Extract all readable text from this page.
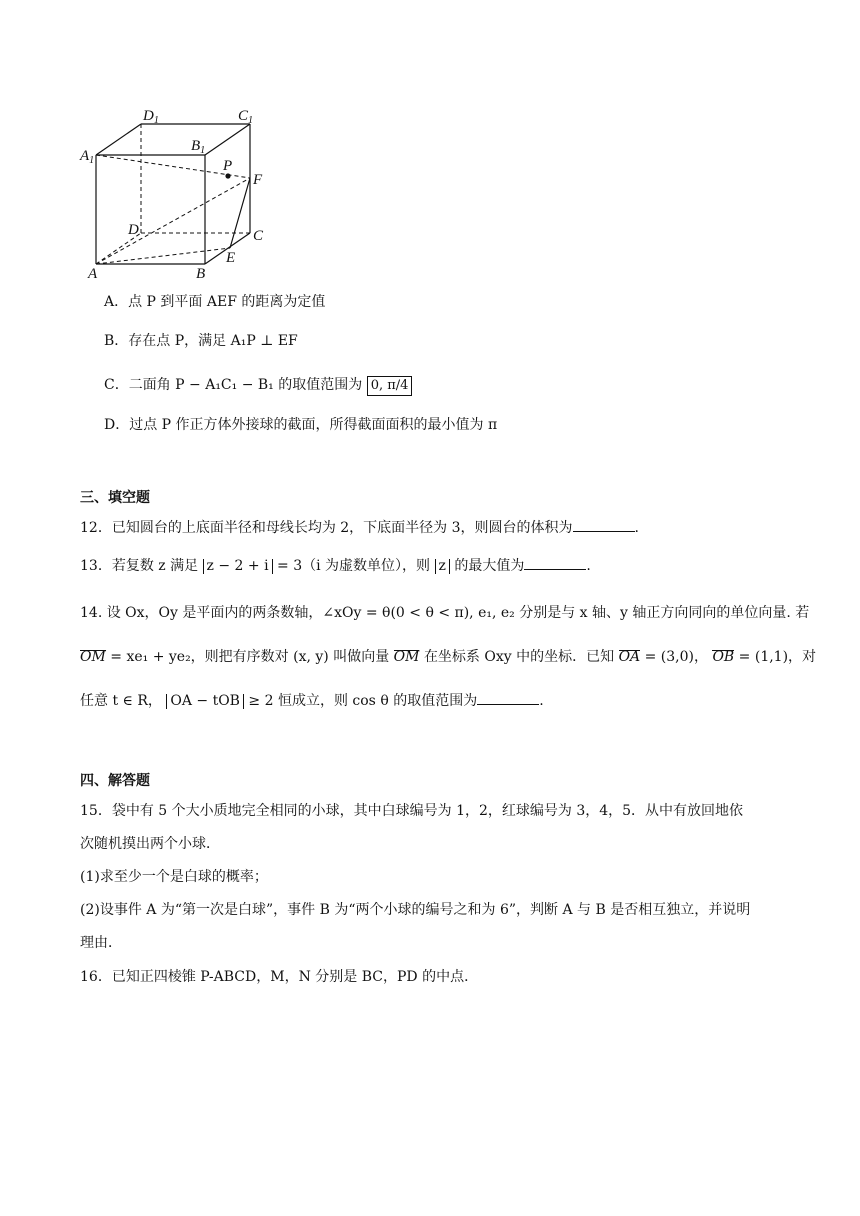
$D_1$	$C_1$
$A_1$
$B_1$
P
F
D	C
A	B
E
A．点 P 到平面 AEF 的距离为定值
B．存在点 P，满足 A₁P ⊥ EF
C．二面角 P − A₁C₁ − B₁ 的取值范围为 0, π/4
D．过点 P 作正方体外接球的截面，所得截面面积的最小值为 π
三、填空题
12．已知圆台的上底面半径和母线长均为 2，下底面半径为 3，则圆台的体积为	.
13．若复数 z 满足 z − 2 + i = 3（i 为虚数单位），则 z 的最大值为	.
14. 设 Ox，Oy 是平面内的两条数轴，∠xOy = θ(0 < θ < π), e₁, e₂ 分别是与 x 轴、y 轴正方向同向的单位向量. 若
OM = xe₁ + ye₂，则把有序数对 (x, y) 叫做向量 OM 在坐标系 Oxy 中的坐标．已知 OA = (3,0)， OB = (1,1)，对
任意 t ∈ R， OA − tOB ≥ 2 恒成立，则 cos θ 的取值范围为	.
四、解答题
15．袋中有 5 个大小质地完全相同的小球，其中白球编号为 1，2，红球编号为 3，4，5．从中有放回地依
次随机摸出两个小球．
(1)求至少一个是白球的概率；
(2)设事件 A 为“第一次是白球”，事件 B 为“两个小球的编号之和为 6”，判断 A 与 B 是否相互独立，并说明
理由．
16．已知正四棱锥 P-ABCD，M，N 分别是 BC，PD 的中点．
